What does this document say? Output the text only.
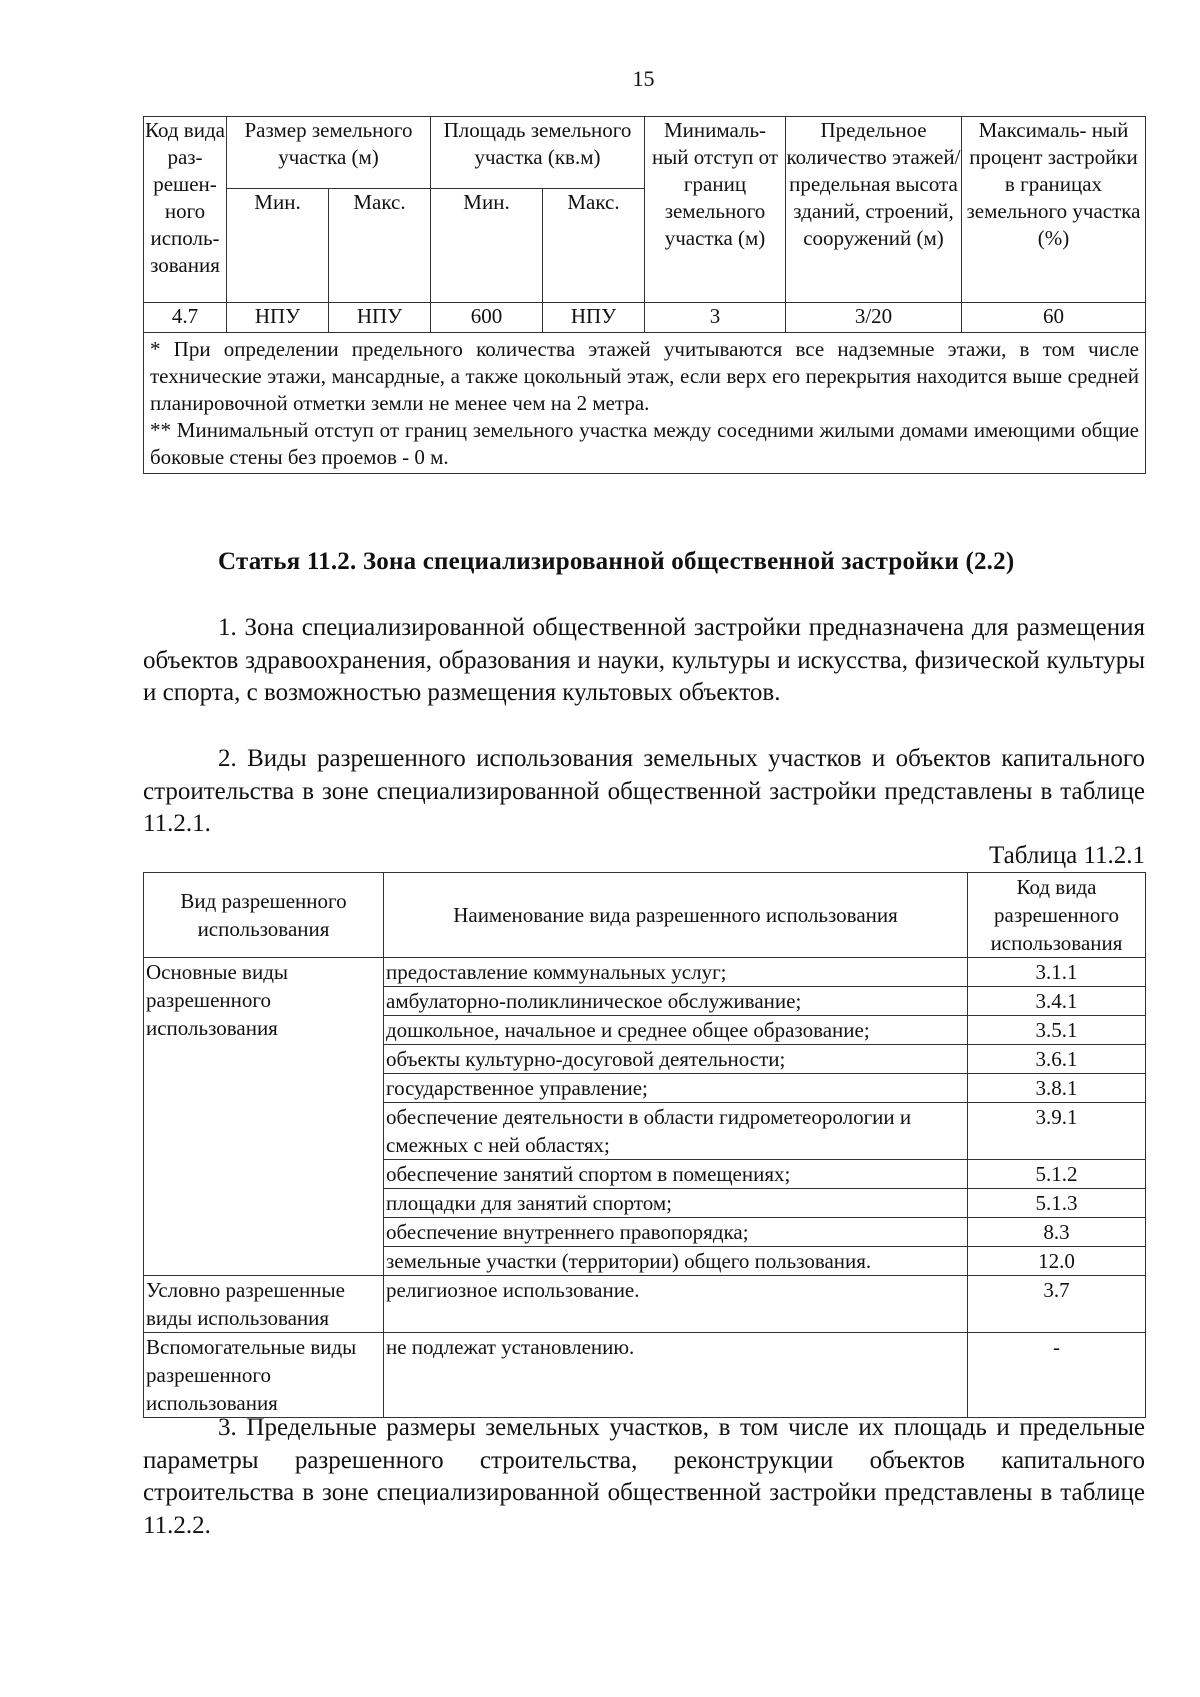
15
Код вида раз- решен- ного исполь- зования	Размер земельного участка (м)		Площадь земельного участка (кв.м)		Минималь- ный отступ от границ земельного участка (м)	Предельное количество этажей/ предельная высота зданий, строений, сооружений (м)	Максималь- ный процент застройки в границах земельного участка (%)
	Мин.	Макс.	Мин.	Макс.			
4.7	НПУ	НПУ	600	НПУ	3	3/20	60

* При определении предельного количества этажей учитываются все надземные этажи, в том числе технические этажи, мансардные, а также цокольный этаж, если верх его перекрытия находится выше средней планировочной отметки земли не менее чем на 2 метра.

** Минимальный отступ от границ земельного участка между соседними жилыми домами имеющими общие боковые стены без проемов - 0 м.							

Статья 11.2. Зона специализированной общественной застройки (2.2)

1. Зона специализированной общественной застройки предназначена для размещения объектов здравоохранения, образования и науки, культуры и искусства, физической культуры и спорта, с возможностью размещения культовых объектов.

2. Виды разрешенного использования земельных участков и объектов капитального строительства в зоне специализированной общественной застройки представлены в таблице 11.2.1.

Таблица 11.2.1
Вид разрешенного использования	Наименование вида разрешенного использования	Код вида разрешенного использования
Основные виды разрешенного использования	предоставление коммунальных услуг;	3.1.1
	амбулаторно-поликлиническое обслуживание;	3.4.1
	дошкольное, начальное и среднее общее образование;	3.5.1
	объекты культурно-досуговой деятельности;	3.6.1
	государственное управление;	3.8.1
	обеспечение деятельности в области гидрометеорологии и смежных с ней областях;	3.9.1
	обеспечение занятий спортом в помещениях;	5.1.2
	площадки для занятий спортом;	5.1.3
	обеспечение внутреннего правопорядка;	8.3
	земельные участки (территории) общего пользования.	12.0
Условно разрешенные виды использования	религиозное использование.	3.7
Вспомогательные виды разрешенного использования	не подлежат установлению.	-

3. Предельные размеры земельных участков, в том числе их площадь и предельные параметры разрешенного строительства, реконструкции объектов капитального строительства в зоне специализированной общественной застройки представлены в таблице 11.2.2.
